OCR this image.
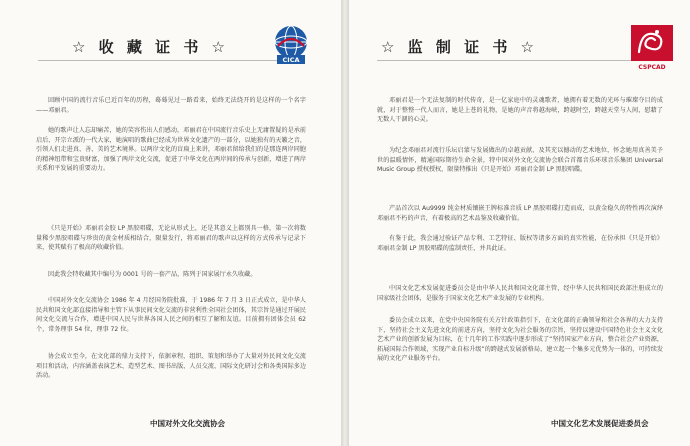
☆ 收 藏 证 书 ☆
CICA

回顾中国的流行音乐已近百年的历程，蓦蓦见过一路看来，始终无法绕开的是这样的一个名字——邓丽君。

她的歌声让人忘却痛苦，她的笑容伤出人们感动，邓丽君在中国流行音乐史上无庸置疑的是承前启后、开宗立派的一代大家，她演唱的歌曲已经成为世界文化遗产的一部分，以她独有的天籁之音，引领人们走进真、善、美的艺术境界。以两岸文化的盲扁上来讲，邓丽君留给我们的是那连两岸同胞的精神纽带和宝贵财富，加强了两岸文化交流，促进了中华文化在两岸间的传承与创新，增进了两岸关系和平发展的重要动力。

《只是开始》邓丽君金胶 LP 黑胶唱碟，无论从形式上，还是其意义上都别具一格，第一次将数量稀少黑胶唱碟与珍贵的黄金材质相结合，限量发行，将邓丽君的歌声以这样的方式传承与记录下来，使其赋有了极高的收藏价值。

因此我会特收藏其中编号为 0001 号的一套产品，陈列于国家展厅永久收藏。

中国对外文化交流协会 1986 年 4 月经国务院批准，于 1986 年 7 月 3 日正式成立，是中华人民共和国文化部直接指导和主管下从事民间文化交流的非营利性全国社会团体，其宗旨是通过开展民间文化交流与合作，增进中国人民与世界各国人民之间的相互了解和友谊。目前拥有团体会员 62 个，常务理事 54 位，理事 72 位。

协会成立至今，在文化部的鼎力支持下，依据章程，组织、策划和举办了大量对外民间文化交流项目和活动，内容涵盖表演艺术、造型艺术、图书出版、人员交流、国际文化研讨会和各类国际多边活动。

中国对外文化交流协会
☆ 监 制 证 书 ☆
CSPCAD

邓丽君是一个无法复制的时代传奇，是一亿家庭中的灵魂歌者，她拥有着无数的光环与璀璨夺目的成就，对于整整一代人而言，她是上苍的礼物，是她的声音将越海峡，跨越时空，跨越天堂与人间，慰藉了无数人干涸的心灵。

为纪念邓丽君对流行乐坛启蒙与发展做出的卓越贡献，及其充以撼动的艺术地位，怀念她用真善美予世的温暖情怀，精通国际期待生命全景，特中国对外文化交流协会联合首都音乐环球音乐集团 Universal Music Group 授权授权，限量特推出《只是开始》邓丽君金制 LP 黑胶唱碟。

产品首次以 Au9999 纯金材质镶嵌王牌标准音质 LP 黑胶唱碟打造而成，以黄金稳久的特性再次演绎邓丽君不朽的声音，有着极高的艺术品鉴及收藏价值。

有鉴于此，我会通过验证产品专利、工艺特征、版权等诸多方面的真实性能，在份承担《只是开始》邓丽君金制 LP 黑胶唱碟的监制责任，并具此证。

中国文化艺术发展促进委员会是由中华人民共和国文化部主管，经中华人民共和国民政部注册成立的国家级社会团体，是服务于国家文化艺术产业发展的专业机构。

委员会成立以来，在党中央国务院有关方针政策指引下，在文化部的正确领导和社会各界的大力支持下，坚持社会主义先进文化的前进方向，坚持文化为社会服务的宗旨，坚持以建设中国特色社会主义文化艺术产业的创新发展为目标，在十几年的工作实践中逐步形成了“坚持国家产业方向，整合社会产业资源，拓展国际合作领域，实现产业自标升级”的跨越式发展新格局，建立起一个集多元优势为一体的，可持续发展的文化产业服务平台。

中国文化艺术发展促进委员会
